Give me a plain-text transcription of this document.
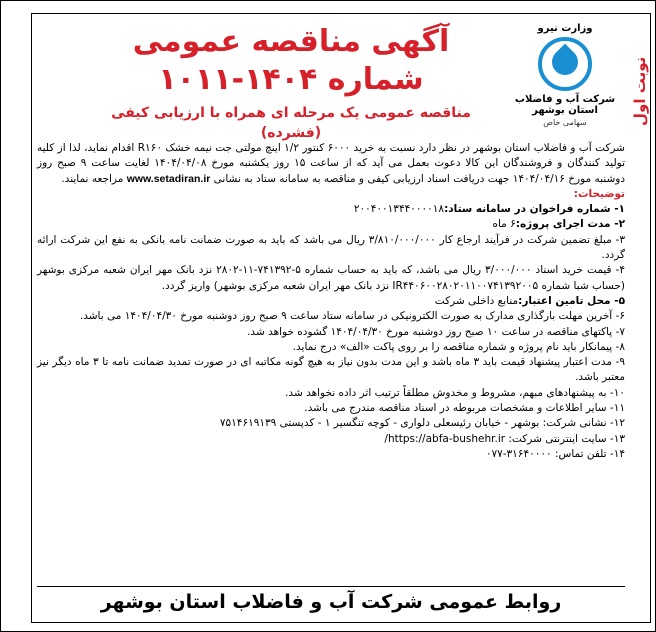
نوبت اول
وزارت نیرو
شرکت آب و فاضلاب استان بوشهر
سهامی خاص
آگهی مناقصه عمومی
شماره ۱۴۰۴-۱۰۱۱
مناقصه عمومی یک مرحله ای همراه با ارزیابی کیفی (فشرده)

شرکت آب و فاضلاب استان بوشهر در نظر دارد نسبت به خرید ۶۰۰۰ کنتور ۱/۲ اینچ مولتی جت نیمه خشک R۱۶۰ اقدام نماید، لذا از کلیه تولید کنندگان و فروشندگان این کالا دعوت بعمل می آید که از ساعت ۱۵ روز یکشنبه مورخ ۱۴۰۴/۰۴/۰۸ لغایت ساعت ۹ صبح روز دوشنبه مورخ ۱۴۰۴/۰۴/۱۶ جهت دریافت اسناد ارزیابی کیفی و مناقصه به سامانه ستاد به نشانی www.setadiran.ir مراجعه نمایند.

توضیحات:

۱- شماره فراخوان در سامانه ستاد:۲۰۰۴۰۰۱۳۴۴۰۰۰۰۱۸

۲- مدت اجرای پروژه:۶ ماه

۳- مبلغ تضمین شرکت در فرآیند ارجاع کار ۳/۸۱۰/۰۰۰/۰۰۰ ریال می باشد که باید به صورت ضمانت نامه بانکی به نفع این شرکت ارائه گردد.

۴- قیمت خرید اسناد ۳/۰۰۰/۰۰۰ ریال می باشد، که باید به حساب شماره ۵-۷۴۱۳۹۲-۱۱-۲۸۰۲ نزد بانک مهر ایران شعبه مرکزی بوشهر (حساب شبا شماره IR۴۴۰۶۰۰۲۸۰۲۰۱۱۰۰۷۴۱۳۹۲۰۰۵ نزد بانک مهر ایران شعبه مرکزی بوشهر) واریز گردد.

۵- محل تامین اعتبار:منابع داخلی شرکت

۶- آخرین مهلت بارگذاری مدارک به صورت الکترونیکی در سامانه ستاد ساعت ۹ صبح روز دوشنبه مورخ ۱۴۰۴/۰۴/۳۰ می باشد.

۷- پاکتهای مناقصه در ساعت ۱۰ صبح روز دوشنبه مورخ ۱۴۰۴/۰۴/۳۰ گشوده خواهد شد.

۸- پیمانکار باید نام پروژه و شماره مناقصه را بر روی پاکت «الف» درج نماید.

۹- مدت اعتبار پیشنهاد قیمت باید ۳ ماه باشد و این مدت بدون نیاز به هیچ گونه مکاتبه ای در صورت تمدید ضمانت نامه تا ۳ ماه دیگر نیز معتبر باشد.

۱۰- به پیشنهادهای مبهم، مشروط و مخدوش مطلقاً ترتیب اثر داده نخواهد شد.

۱۱- سایر اطلاعات و مشخصات مربوطه در اسناد مناقصه مندرج می باشد.

۱۲- نشانی شرکت: بوشهر - خیابان رئیسعلی دلواری - کوچه تنگسیر ۱ - کدپستی ۷۵۱۴۶۱۹۱۳۹

۱۳- سایت اینترنتی شرکت: https://abfa-bushehr.ir/

۱۴- تلفن تماس: ۳۱۶۴۰۰۰۰-۰۷۷

روابط عمومی شرکت آب و فاضلاب استان بوشهر
